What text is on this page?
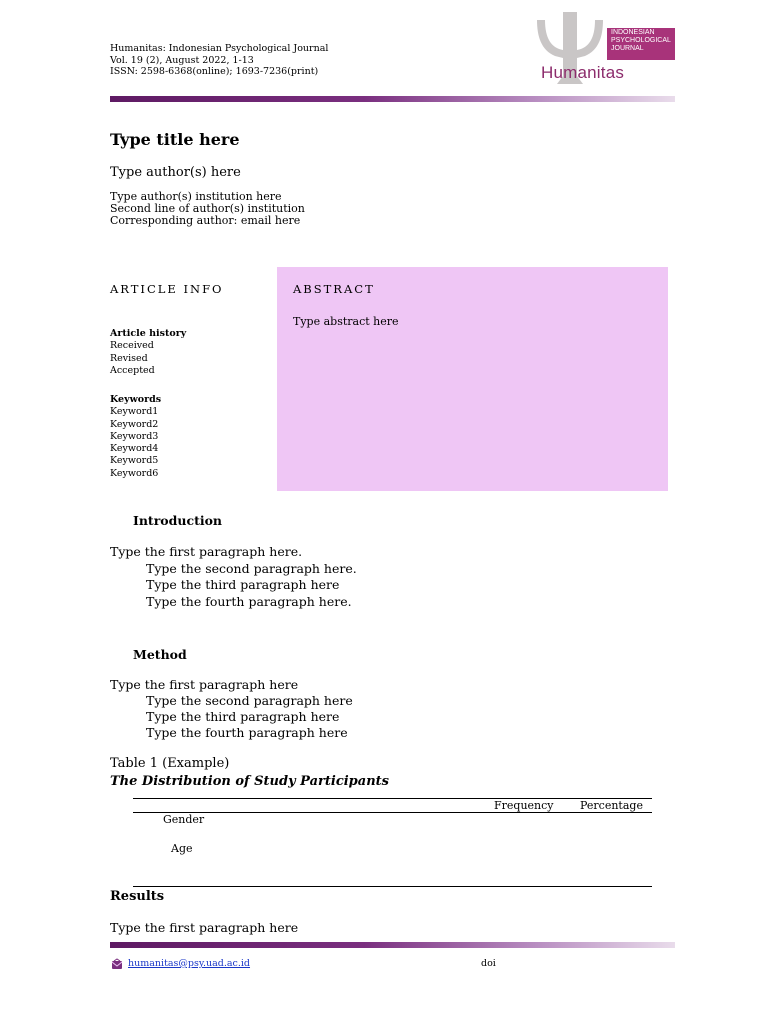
Humanitas: Indonesian Psychological Journal
Vol. 19 (2), August 2022, 1-13
ISSN: 2598-6368(online); 1693-7236(print)
INDONESIAN
PSYCHOLOGICAL
JOURNAL
Humanitas
Type title here
Type author(s) here
Type author(s) institution here
Second line of author(s) institution
Corresponding author: email here
ARTICLE INFO
Article history
Received
Revised
Accepted
Keywords
Keyword1
Keyword2
Keyword3
Keyword4
Keyword5
Keyword6
ABSTRACT
Type abstract here
Introduction
Type the first paragraph here.
Type the second paragraph here.
Type the third paragraph here
Type the fourth paragraph here.
Method
Type the first paragraph here
Type the second paragraph here
Type the third paragraph here
Type the fourth paragraph here
Table 1 (Example)
The Distribution of Study Participants
Frequency Percentage
Gender
Age
Results
Type the first paragraph here
humanitas@psy.uad.ac.id	doi
